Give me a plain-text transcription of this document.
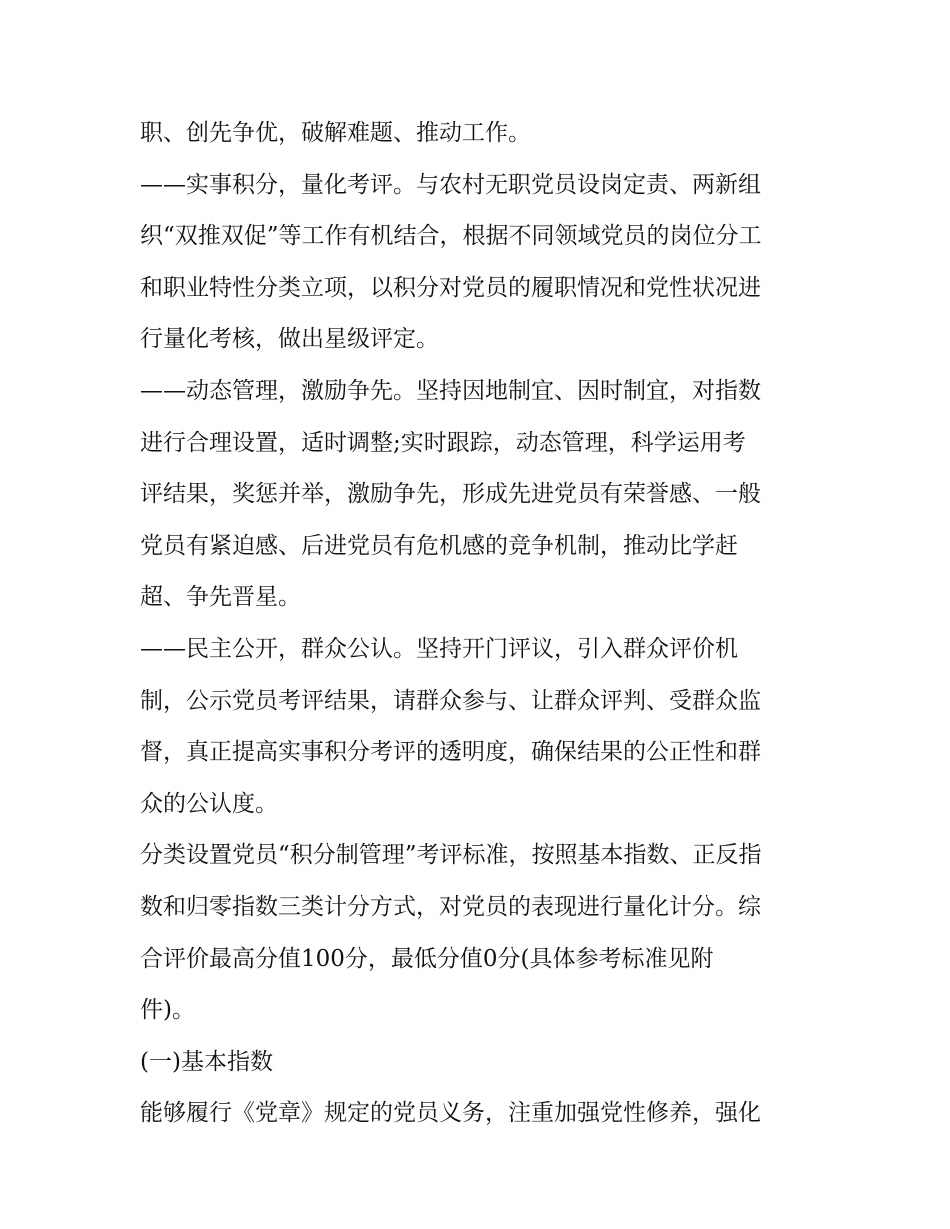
职、创先争优，破解难题、推动工作。
——实事积分，量化考评。与农村无职党员设岗定责、两新组
织“双推双促”等工作有机结合，根据不同领域党员的岗位分工
和职业特性分类立项，以积分对党员的履职情况和党性状况进
行量化考核，做出星级评定。
——动态管理，激励争先。坚持因地制宜、因时制宜，对指数
进行合理设置，适时调整;实时跟踪，动态管理，科学运用考
评结果，奖惩并举，激励争先，形成先进党员有荣誉感、一般
党员有紧迫感、后进党员有危机感的竞争机制，推动比学赶
超、争先晋星。
——民主公开，群众公认。坚持开门评议，引入群众评价机
制，公示党员考评结果，请群众参与、让群众评判、受群众监
督，真正提高实事积分考评的透明度，确保结果的公正性和群
众的公认度。
分类设置党员“积分制管理”考评标准，按照基本指数、正反指
数和归零指数三类计分方式，对党员的表现进行量化计分。综
合评价最高分值100分，最低分值0分(具体参考标准见附
件)。
(一)基本指数
能够履行《党章》规定的党员义务，注重加强党性修养，强化
